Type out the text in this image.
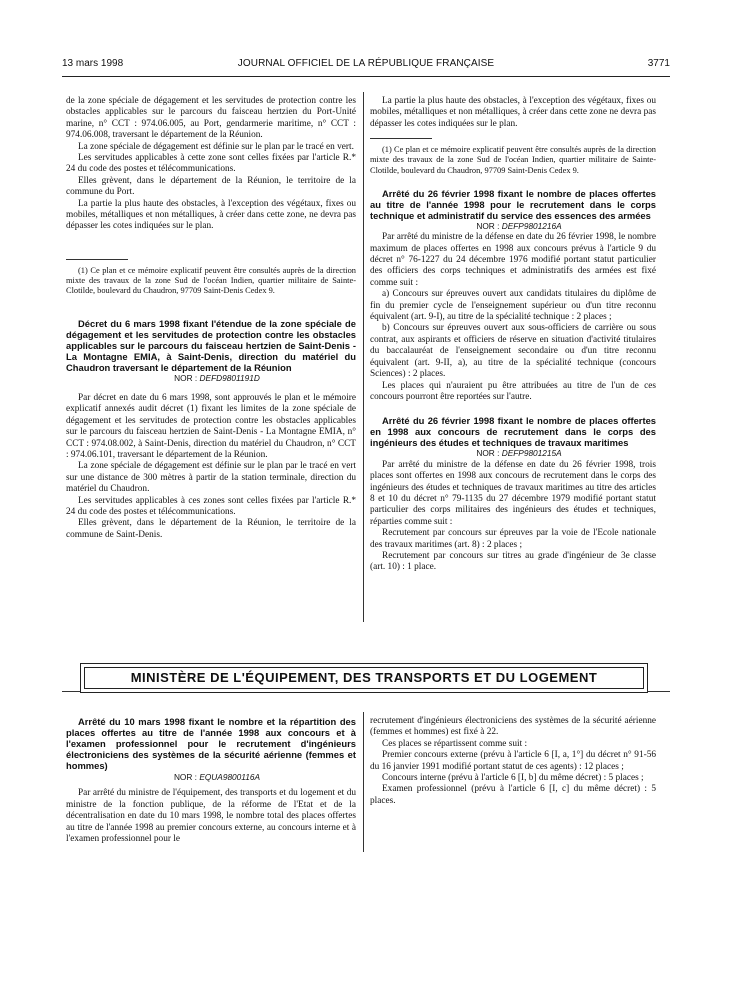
13 mars 1998	JOURNAL OFFICIEL DE LA RÉPUBLIQUE FRANÇAISE	3771

de la zone spéciale de dégagement et les servitudes de protection contre les obstacles applicables sur le parcours du faisceau hertzien du Port-Unité marine, n° CCT : 974.06.005, au Port, gendarmerie maritime, n° CCT : 974.06.008, traversant le département de la Réunion.

La zone spéciale de dégagement est définie sur le plan par le tracé en vert.

Les servitudes applicables à cette zone sont celles fixées par l'article R.* 24 du code des postes et télécommunications.

Elles grèvent, dans le département de la Réunion, le territoire de la commune du Port.

La partie la plus haute des obstacles, à l'exception des végétaux, fixes ou mobiles, métalliques et non métalliques, à créer dans cette zone, ne devra pas dépasser les cotes indiquées sur le plan.

(1) Ce plan et ce mémoire explicatif peuvent être consultés auprès de la direction mixte des travaux de la zone Sud de l'océan Indien, quartier militaire de Sainte-Clotilde, boulevard du Chaudron, 97709 Saint-Denis Cedex 9.

Décret du 6 mars 1998 fixant l'étendue de la zone spéciale de dégagement et les servitudes de protection contre les obstacles applicables sur le parcours du faisceau hertzien de Saint-Denis - La Montagne EMIA, à Saint-Denis, direction du matériel du Chaudron traversant le département de la Réunion

NOR : DEFD9801191D

Par décret en date du 6 mars 1998, sont approuvés le plan et le mémoire explicatif annexés audit décret (1) fixant les limites de la zone spéciale de dégagement et les servitudes de protection contre les obstacles applicables sur le parcours du faisceau hertzien de Saint-Denis - La Montagne EMIA, n° CCT : 974.08.002, à Saint-Denis, direction du matériel du Chaudron, n° CCT : 974.06.101, traversant le département de la Réunion.

La zone spéciale de dégagement est définie sur le plan par le tracé en vert sur une distance de 300 mètres à partir de la station terminale, direction du matériel du Chaudron.

Les servitudes applicables à ces zones sont celles fixées par l'article R.* 24 du code des postes et télécommunications.

Elles grèvent, dans le département de la Réunion, le territoire de la commune de Saint-Denis.

La partie la plus haute des obstacles, à l'exception des végétaux, fixes ou mobiles, métalliques et non métalliques, à créer dans cette zone ne devra pas dépasser les cotes indiquées sur le plan.

(1) Ce plan et ce mémoire explicatif peuvent être consultés auprès de la direction mixte des travaux de la zone Sud de l'océan Indien, quartier militaire de Sainte-Clotilde, boulevard du Chaudron, 97709 Saint-Denis Cedex 9.

Arrêté du 26 février 1998 fixant le nombre de places offertes au titre de l'année 1998 pour le recrutement dans le corps technique et administratif du service des essences des armées

NOR : DEFP9801216A

Par arrêté du ministre de la défense en date du 26 février 1998, le nombre maximum de places offertes en 1998 aux concours prévus à l'article 9 du décret n° 76-1227 du 24 décembre 1976 modifié portant statut particulier des officiers des corps techniques et administratifs des armées est fixé comme suit :

a) Concours sur épreuves ouvert aux candidats titulaires du diplôme de fin du premier cycle de l'enseignement supérieur ou d'un titre reconnu équivalent (art. 9-I), au titre de la spécialité technique : 2 places ;

b) Concours sur épreuves ouvert aux sous-officiers de carrière ou sous contrat, aux aspirants et officiers de réserve en situation d'activité titulaires du baccalauréat de l'enseignement secondaire ou d'un titre reconnu équivalent (art. 9-II, a), au titre de la spécialité technique (concours Sciences) : 2 places.

Les places qui n'auraient pu être attribuées au titre de l'un de ces concours pourront être reportées sur l'autre.

Arrêté du 26 février 1998 fixant le nombre de places offertes en 1998 aux concours de recrutement dans le corps des ingénieurs des études et techniques de travaux maritimes

NOR : DEFP9801215A

Par arrêté du ministre de la défense en date du 26 février 1998, trois places sont offertes en 1998 aux concours de recrutement dans le corps des ingénieurs des études et techniques de travaux maritimes au titre des articles 8 et 10 du décret n° 79-1135 du 27 décembre 1979 modifié portant statut particulier des corps militaires des ingénieurs des études et techniques, réparties comme suit :

Recrutement par concours sur épreuves par la voie de l'Ecole nationale des travaux maritimes (art. 8) : 2 places ;

Recrutement par concours sur titres au grade d'ingénieur de 3e classe (art. 10) : 1 place.

MINISTÈRE DE L'ÉQUIPEMENT, DES TRANSPORTS ET DU LOGEMENT

Arrêté du 10 mars 1998 fixant le nombre et la répartition des places offertes au titre de l'année 1998 aux concours et à l'examen professionnel pour le recrutement d'ingénieurs électroniciens des systèmes de la sécurité aérienne (femmes et hommes)

NOR : EQUA9800116A

Par arrêté du ministre de l'équipement, des transports et du logement et du ministre de la fonction publique, de la réforme de l'Etat et de la décentralisation en date du 10 mars 1998, le nombre total des places offertes au titre de l'année 1998 au premier concours externe, au concours interne et à l'examen professionnel pour le

recrutement d'ingénieurs électroniciens des systèmes de la sécurité aérienne (femmes et hommes) est fixé à 22.

Ces places se répartissent comme suit :

Premier concours externe (prévu à l'article 6 [I, a, 1°] du décret n° 91-56 du 16 janvier 1991 modifié portant statut de ces agents) : 12 places ;

Concours interne (prévu à l'article 6 [I, b] du même décret) : 5 places ;

Examen professionnel (prévu à l'article 6 [I, c] du même décret) : 5 places.
